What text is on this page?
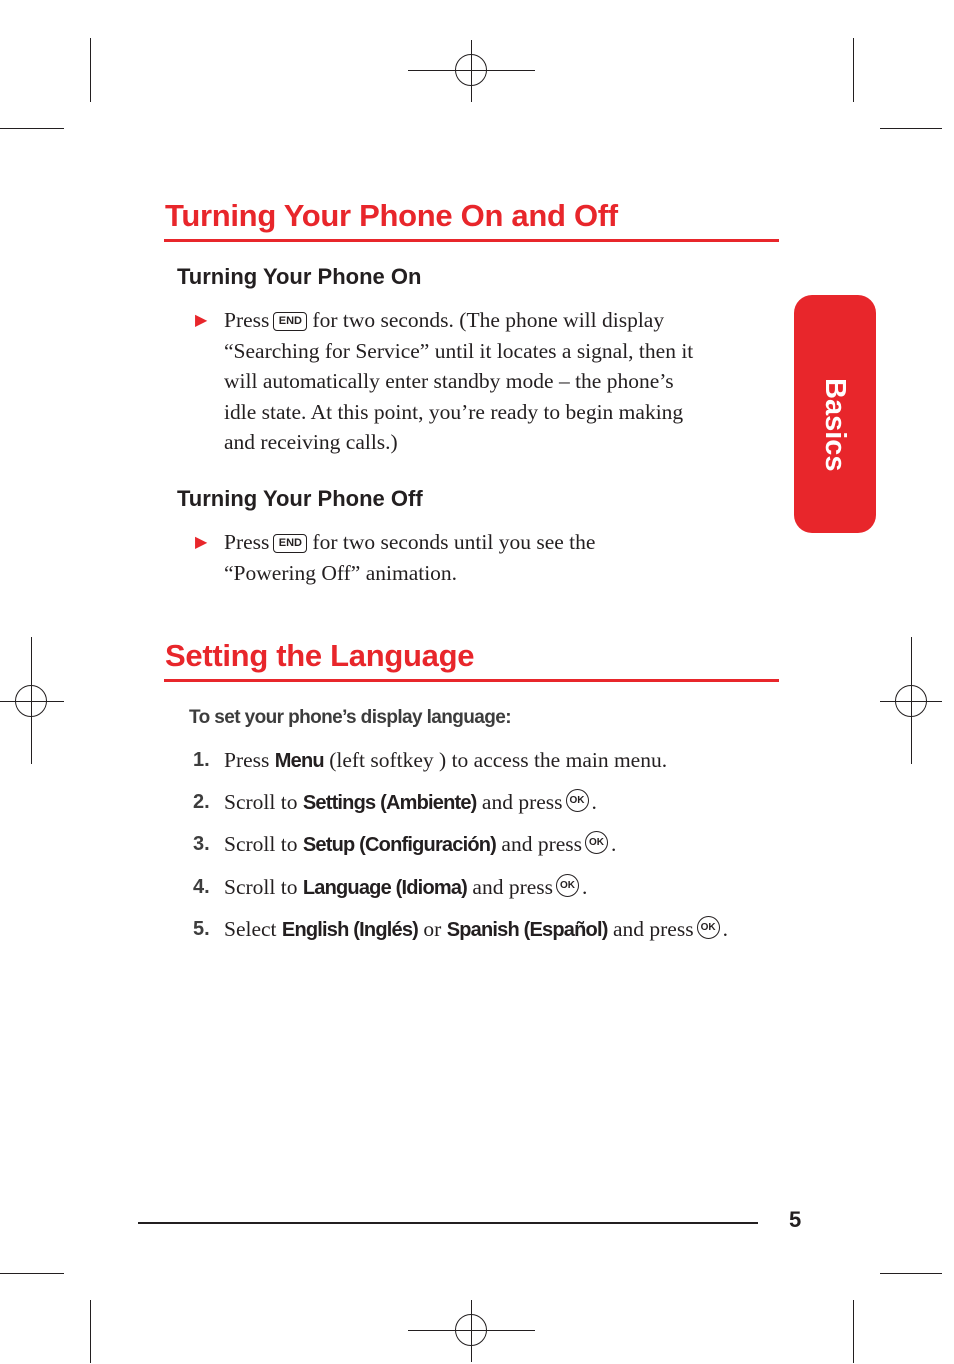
Turning Your Phone On and Off
Turning Your Phone On
▶ Press END for two seconds. (The phone will display
“Searching for Service” until it locates a signal, then it
will automatically enter standby mode – the phone’s
idle state. At this point, you’re ready to begin making
and receiving calls.)
Turning Your Phone Off
▶ Press END for two seconds until you see the
“Powering Off” animation.
Setting the Language

To set your phone’s display language:

1. Press Menu (left softkey ) to access the main menu.
2. Scroll to Settings (Ambiente) and press OK .
3. Scroll to Setup (Configuración) and press OK .
4. Scroll to Language (Idioma) and press OK .
5. Select English (Inglés) or Spanish (Español) and press OK .
Basics
5
